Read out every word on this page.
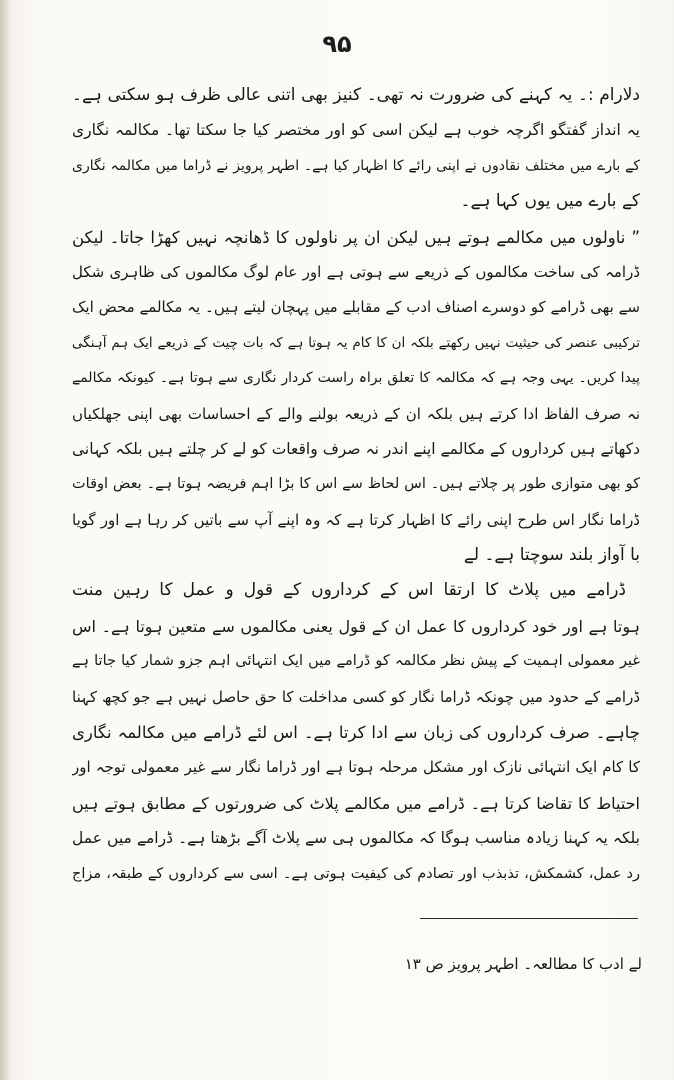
۹۵
دلارام :۔ یہ کہنے کی ضرورت نہ تھی۔ کنیز بھی اتنی عالی ظرف ہو سکتی ہے۔
یہ انداز گفتگو اگرچہ خوب ہے لیکن اسی کو اور مختصر کیا جا سکتا تھا۔ مکالمہ نگاری
کے بارے میں مختلف نقادوں نے اپنی رائے کا اظہار کیا ہے۔ اطہر پرویز نے ڈراما میں مکالمہ نگاری
کے بارے میں یوں کہا ہے۔
” ناولوں میں مکالمے ہوتے ہیں لیکن ان پر ناولوں کا ڈھانچہ نہیں کھڑا جاتا۔ لیکن
ڈرامہ کی ساخت مکالموں کے ذریعے سے ہوتی ہے اور عام لوگ مکالموں کی ظاہری شکل
سے بھی ڈرامے کو دوسرے اصناف ادب کے مقابلے میں پہچان لیتے ہیں۔ یہ مکالمے محض ایک
ترکیبی عنصر کی حیثیت نہیں رکھتے بلکہ ان کا کام یہ ہوتا ہے کہ بات چیت کے ذریعے ایک ہم آہنگی
پیدا کریں۔ یہی وجہ ہے کہ مکالمہ کا تعلق براہ راست کردار نگاری سے ہوتا ہے۔ کیونکہ مکالمے
نہ صرف الفاظ ادا کرتے ہیں بلکہ ان کے ذریعہ بولنے والے کے احساسات بھی اپنی جھلکیاں
دکھاتے ہیں کرداروں کے مکالمے اپنے اندر نہ صرف واقعات کو لے کر چلتے ہیں بلکہ کہانی
کو بھی متوازی طور پر چلاتے ہیں۔ اس لحاظ سے اس کا بڑا اہم فریضہ ہوتا ہے۔ بعض اوقات
ڈراما نگار اس طرح اپنی رائے کا اظہار کرتا ہے کہ وہ اپنے آپ سے باتیں کر رہا ہے اور گویا
با آواز بلند سوچتا ہے۔ لے
ڈرامے میں پلاٹ کا ارتقا اس کے کرداروں کے قول و عمل کا رہین منت
ہوتا ہے اور خود کرداروں کا عمل ان کے قول یعنی مکالموں سے متعین ہوتا ہے۔ اس
غیر معمولی اہمیت کے پیش نظر مکالمہ کو ڈرامے میں ایک انتہائی اہم جزو شمار کیا جاتا ہے
ڈرامے کے حدود میں چونکہ ڈراما نگار کو کسی مداخلت کا حق حاصل نہیں ہے جو کچھ کہنا
چاہے۔ صرف کرداروں کی زبان سے ادا کرتا ہے۔ اس لئے ڈرامے میں مکالمہ نگاری
کا کام ایک انتہائی نازک اور مشکل مرحلہ ہوتا ہے اور ڈراما نگار سے غیر معمولی توجہ اور
احتیاط کا تقاضا کرتا ہے۔ ڈرامے میں مکالمے پلاٹ کی ضرورتوں کے مطابق ہوتے ہیں
بلکہ یہ کہنا زیادہ مناسب ہوگا کہ مکالموں ہی سے پلاٹ آگے بڑھتا ہے۔ ڈرامے میں عمل
رد عمل، کشمکش، تذبذب اور تصادم کی کیفیت ہوتی ہے۔ اسی سے کرداروں کے طبقہ، مزاج
لے ادب کا مطالعہ۔ اطہر پرویز ص ۱۳
